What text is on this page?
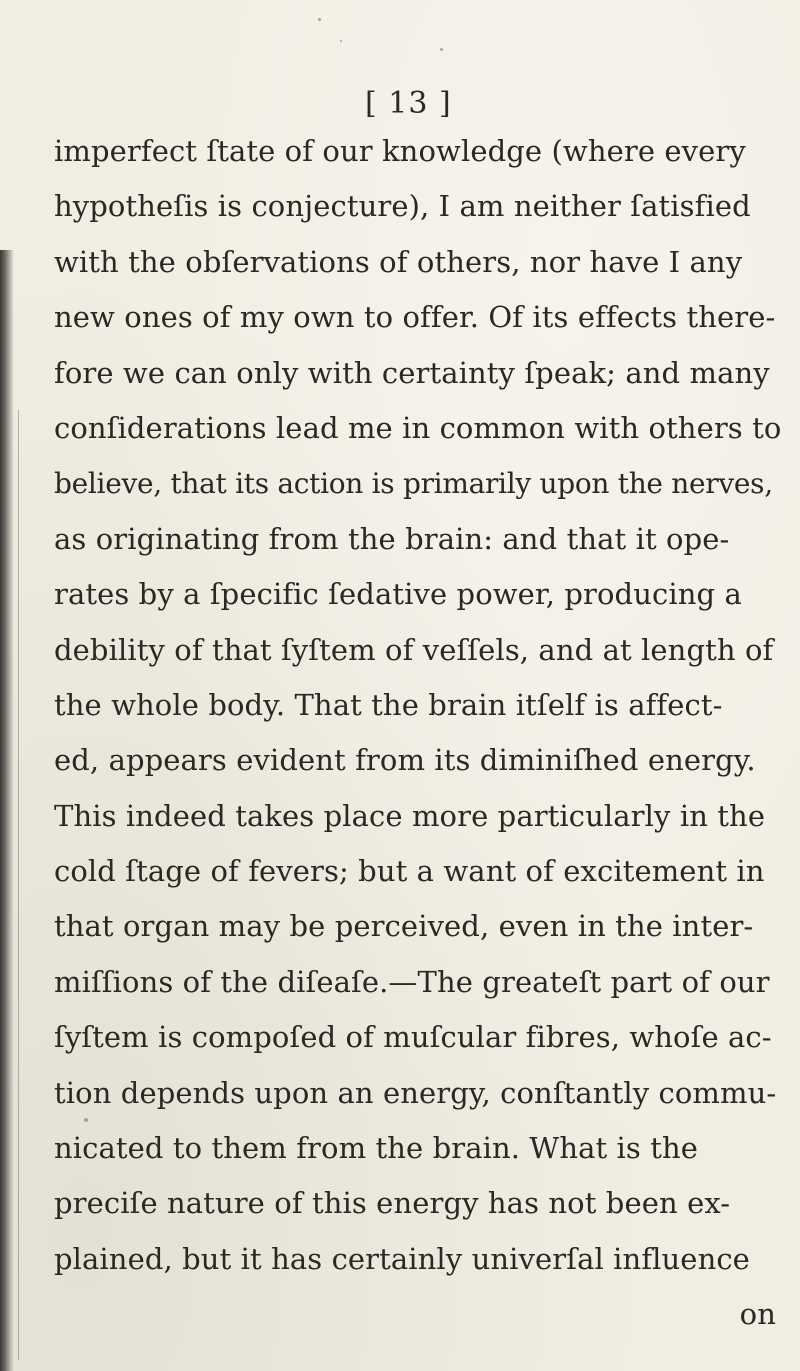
[ 13 ]
imperfect ſtate of our knowledge (where every
hypotheſis is conjecture), I am neither ſatisfied
with the obſervations of others, nor have I any
new ones of my own to offer. Of its effects there-
fore we can only with certainty ſpeak; and many
conſiderations lead me in common with others to
believe, that its action is primarily upon the nerves,
as originating from the brain: and that it ope-
rates by a ſpecific ſedative power, producing a
debility of that ſyſtem of veſſels, and at length of
the whole body. That the brain itſelf is affect-
ed, appears evident from its diminiſhed energy.
This indeed takes place more particularly in the
cold ſtage of fevers; but a want of excitement in
that organ may be perceived, even in the inter-
miſſions of the diſeaſe.—The greateſt part of our
ſyſtem is compoſed of muſcular fibres, whoſe ac-
tion depends upon an energy, conſtantly commu-
nicated to them from the brain. What is the
preciſe nature of this energy has not been ex-
plained, but it has certainly univerſal influence
on
